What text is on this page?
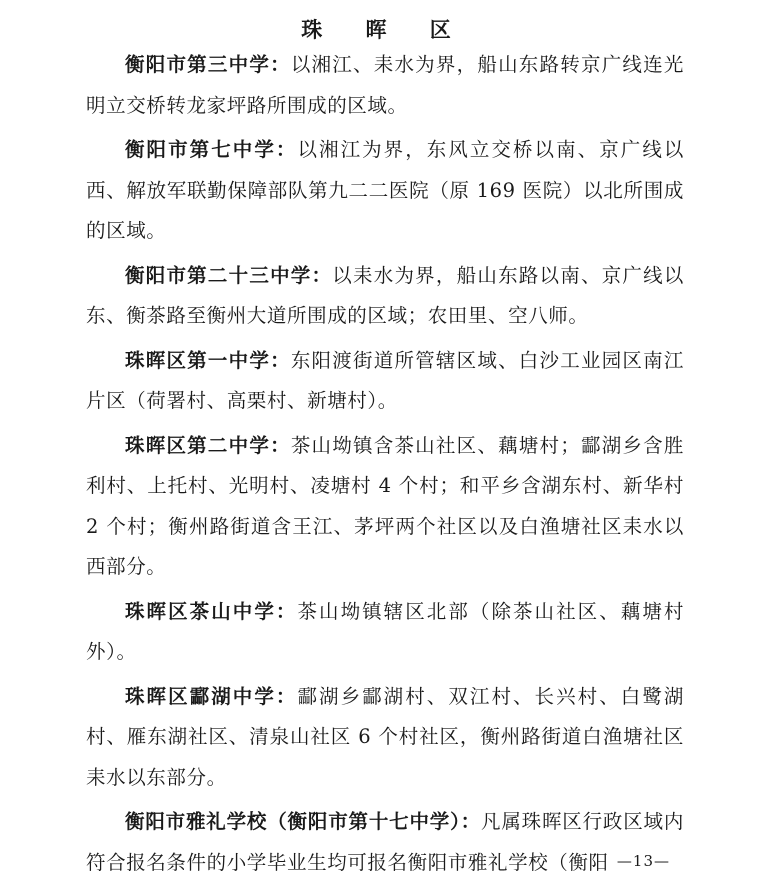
珠 晖 区

衡阳市第三中学：以湘江、耒水为界，船山东路转京广线连光明立交桥转龙家坪路所围成的区域。

衡阳市第七中学：以湘江为界，东风立交桥以南、京广线以西、解放军联勤保障部队第九二二医院（原 169 医院）以北所围成的区域。

衡阳市第二十三中学：以耒水为界，船山东路以南、京广线以东、衡茶路至衡州大道所围成的区域；农田里、空八师。

珠晖区第一中学：东阳渡街道所管辖区域、白沙工业园区南江片区（荷署村、高栗村、新塘村）。

珠晖区第二中学：茶山坳镇含茶山社区、藕塘村；酃湖乡含胜利村、上托村、光明村、凌塘村 4 个村；和平乡含湖东村、新华村 2 个村；衡州路街道含王江、茅坪两个社区以及白渔塘社区耒水以西部分。

珠晖区茶山中学：茶山坳镇辖区北部（除茶山社区、藕塘村外）。

珠晖区酃湖中学：酃湖乡酃湖村、双江村、长兴村、白鹭湖村、雁东湖社区、清泉山社区 6 个村社区，衡州路街道白渔塘社区耒水以东部分。

衡阳市雅礼学校（衡阳市第十七中学）：凡属珠晖区行政区域内符合报名条件的小学毕业生均可报名衡阳市雅礼学校（衡阳 —13—
